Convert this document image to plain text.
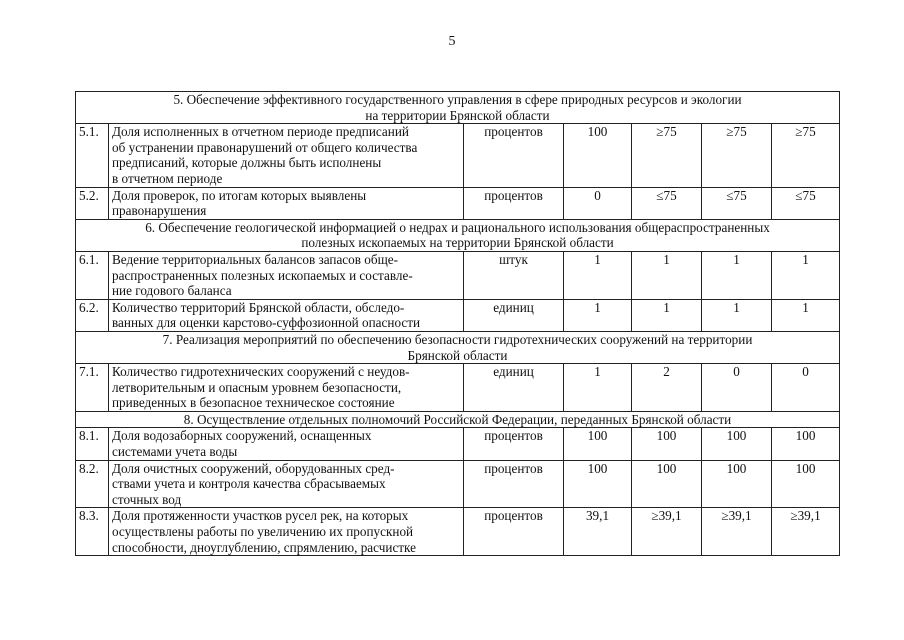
5
5. Обеспечение эффективного государственного управления в сфере природных ресурсов и экологии
на территории Брянской области						

5.1.	Доля исполненных в отчетном периоде предписаний
об устранении правонарушений от общего количества
предписаний, которые должны быть исполнены
в отчетном периоде	процентов	100	≥75	≥75	≥75
5.2.	Доля проверок, по итогам которых выявлены
правонарушения	процентов	0	≤75	≤75	≤75

6. Обеспечение геологической информацией о недрах и рационального использования общераспространенных
полезных ископаемых на территории Брянской области						

6.1.	Ведение территориальных балансов запасов обще-
распространенных полезных ископаемых и составле-
ние годового баланса	штук	1	1	1	1
6.2.	Количество территорий Брянской области, обследо-
ванных для оценки карстово-суффозионной опасности	единиц	1	1	1	1

7. Реализация мероприятий по обеспечению безопасности гидротехнических сооружений на территории
Брянской области						

7.1.	Количество гидротехнических сооружений с неудов-
летворительным и опасным уровнем безопасности,
приведенных в безопасное техническое состояние	единиц	1	2	0	0

8. Осуществление отдельных полномочий Российской Федерации, переданных Брянской области						

8.1.	Доля водозаборных сооружений, оснащенных
системами учета воды	процентов	100	100	100	100
8.2.	Доля очистных сооружений, оборудованных сред-
ствами учета и контроля качества сбрасываемых
сточных вод	процентов	100	100	100	100
8.3.	Доля протяженности участков русел рек, на которых
осуществлены работы по увеличению их пропускной
способности, дноуглублению, спрямлению, расчистке	процентов	39,1	≥39,1	≥39,1	≥39,1
